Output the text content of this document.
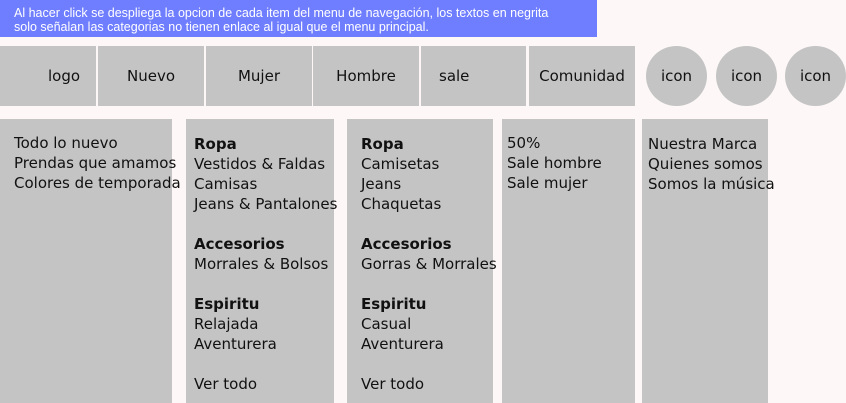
Al hacer click se despliega la opcion de cada item del menu de navegación, los textos en negrita
solo señalan las categorias no tienen enlace al igual que el menu principal.
logo	Nuevo	Mujer	Hombre	sale	Comunidad icon	icon	icon
Todo lo nuevo
Prendas que amamos
Colores de temporada
Ropa
Vestidos & Faldas
Camisas
Jeans & Pantalones
Accesorios
Morrales & Bolsos
Espiritu
Relajada
Aventurera
Ver todo
Ropa
Camisetas
Jeans
Chaquetas
Accesorios
Gorras & Morrales
Espiritu
Casual
Aventurera
Ver todo
50%
Sale hombre
Sale mujer
Nuestra Marca
Quienes somos
Somos la música
